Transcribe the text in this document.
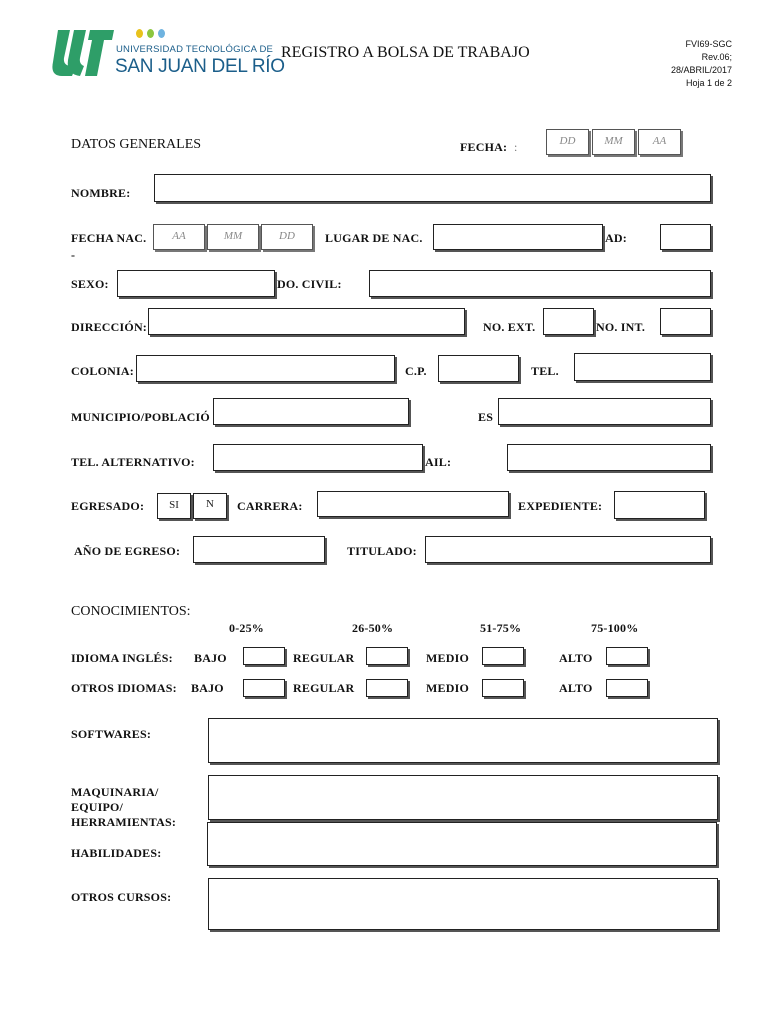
UNIVERSIDAD TECNOLÓGICA DE
SAN JUAN DEL RÍO
REGISTRO A BOLSA DE TRABAJO	FVI69-SGC
Rev.06;
28/ABRIL/2017
Hoja 1 de 2
DATOS GENERALES	FECHA: :	DD	MM	AA
NOMBRE:
FECHA NAC.
-
AA	MM	DD	LUGAR DE NAC.	AD:
SEXO:	DO. CIVIL:
DIRECCIÓN:	NO. EXT.	NO. INT.
COLONIA:	C.P.	TEL.
MUNICIPIO/POBLACIÓ	ES
TEL. ALTERNATIVO:	AIL:
EGRESADO:	SI	N	CARRERA:	EXPEDIENTE:
AÑO DE EGRESO:	TITULADO:
CONOCIMIENTOS:
0-25%	26-50%	51-75%	75-100%
IDIOMA INGLÉS: BAJO	REGULAR	MEDIO	ALTO
OTROS IDIOMAS: BAJO	REGULAR	MEDIO	ALTO
SOFTWARES:
MAQUINARIA/
EQUIPO/
HERRAMIENTAS:
HABILIDADES:
OTROS CURSOS:
